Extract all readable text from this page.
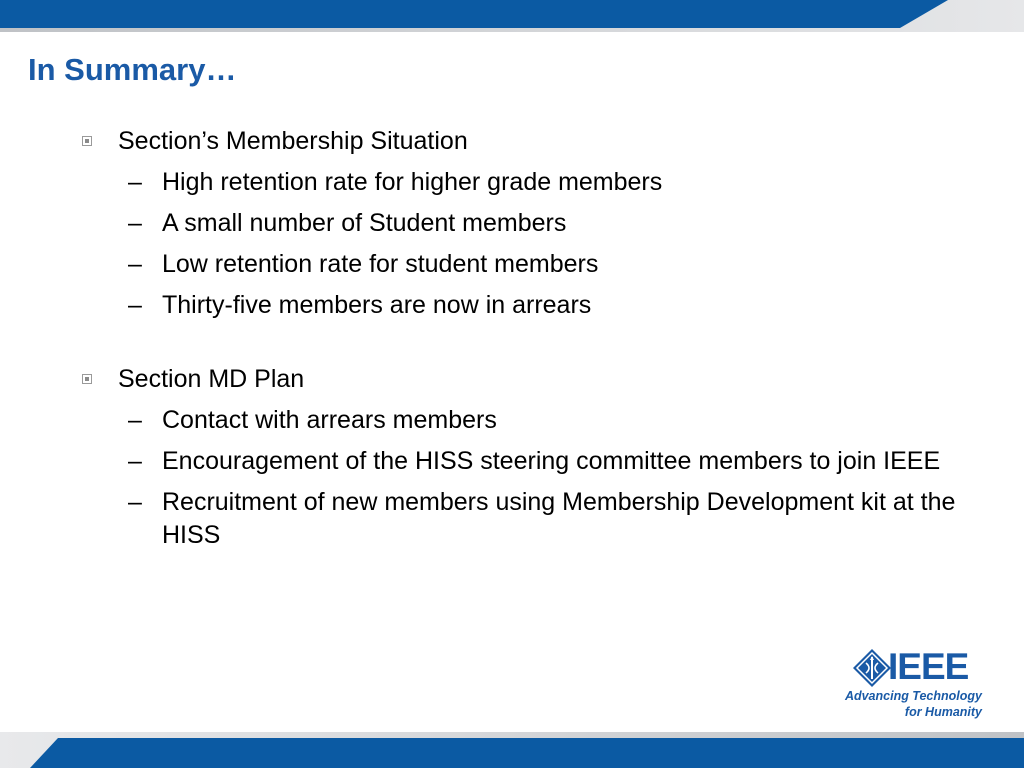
In Summary…
Section’s Membership Situation
– High retention rate for higher grade members
– A small number of Student members
– Low retention rate for student members
– Thirty-five members are now in arrears
Section MD Plan
– Contact with arrears members
– Encouragement of the HISS steering committee members to join IEEE
– Recruitment of new members using Membership Development kit at the HISS
IEEE
Advancing Technology
for Humanity
